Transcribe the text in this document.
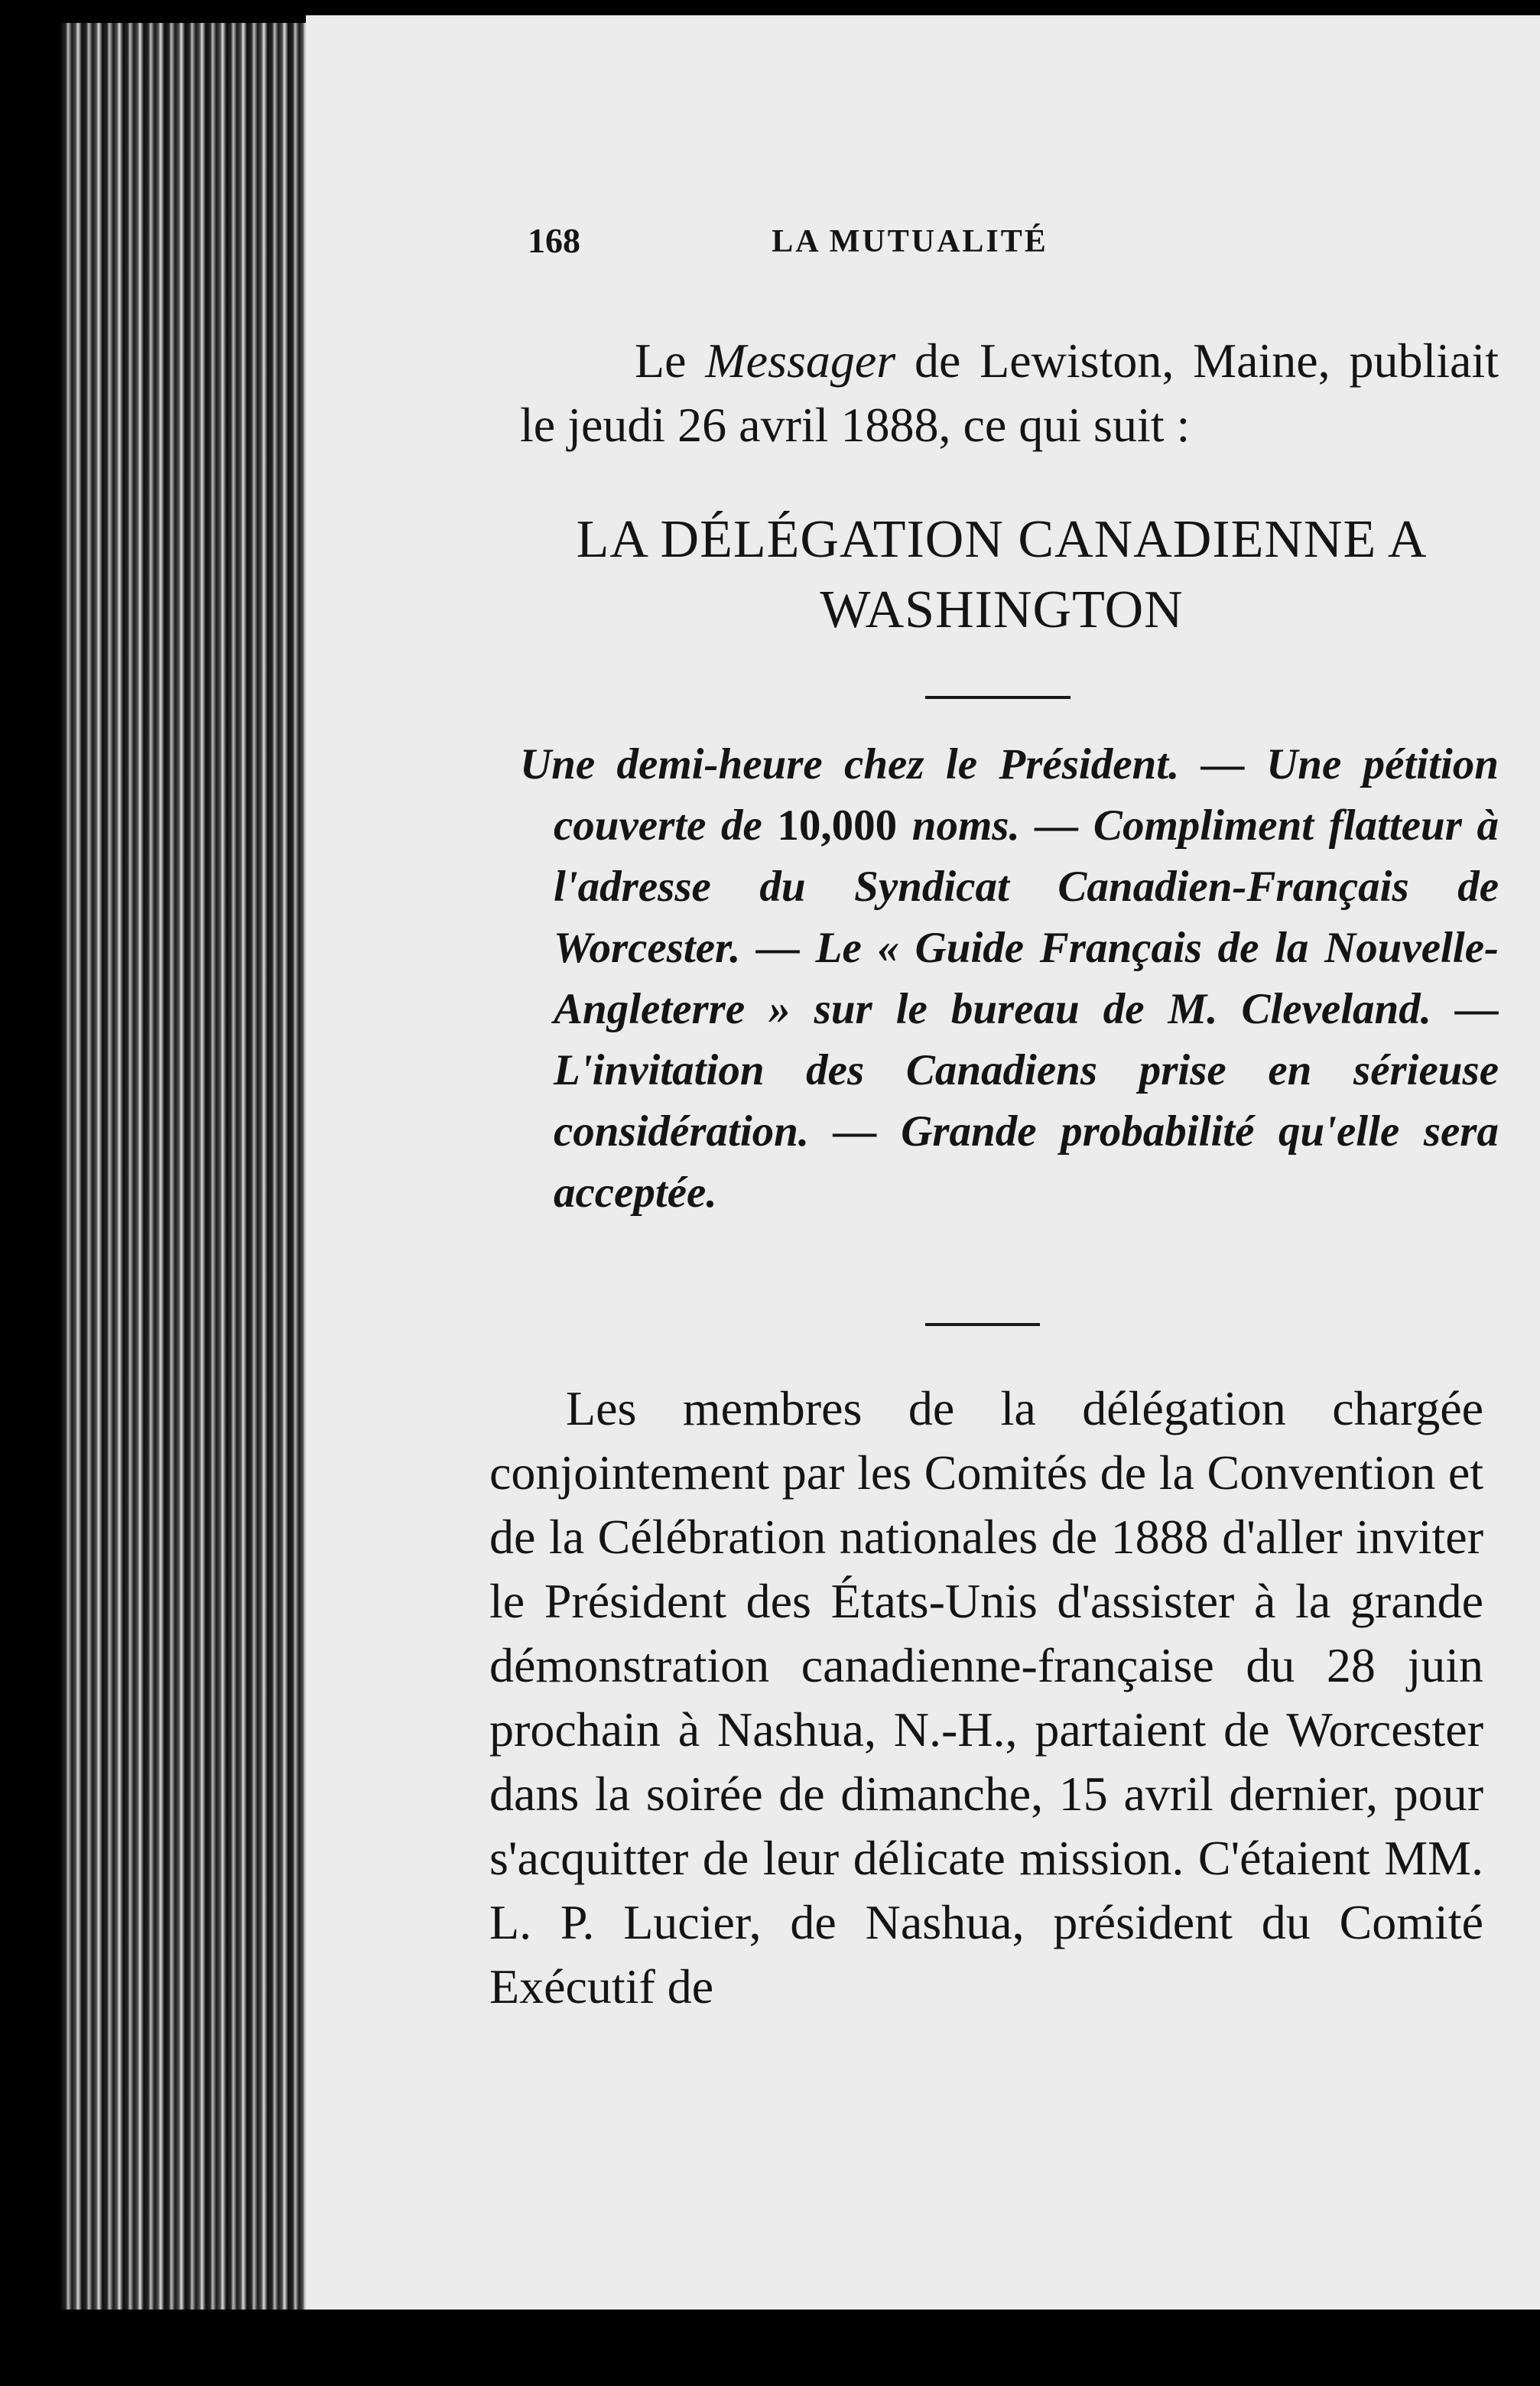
168	LA MUTUALITÉ

Le Messager de Lewiston, Maine, publiait le jeudi 26 avril 1888, ce qui suit :

LA DÉLÉGATION CANADIENNE A
WASHINGTON

Une demi-heure chez le Président. — Une pétition couverte de 10,000 noms. — Compliment flatteur à l'adresse du Syndicat Canadien-Français de Worcester. — Le « Guide Français de la Nouvelle-Angleterre » sur le bureau de M. Cleveland. — L'invitation des Canadiens prise en sérieuse considération. — Grande probabilité qu'elle sera acceptée.

Les membres de la délégation chargée conjointement par les Comités de la Convention et de la Célébration nationales de 1888 d'aller inviter le Président des États-Unis d'assister à la grande démonstration canadienne-française du 28 juin prochain à Nashua, N.-H., partaient de Worcester dans la soirée de dimanche, 15 avril dernier, pour s'acquitter de leur délicate mission. C'étaient MM. L. P. Lucier, de Nashua, président du Comité Exécutif de
